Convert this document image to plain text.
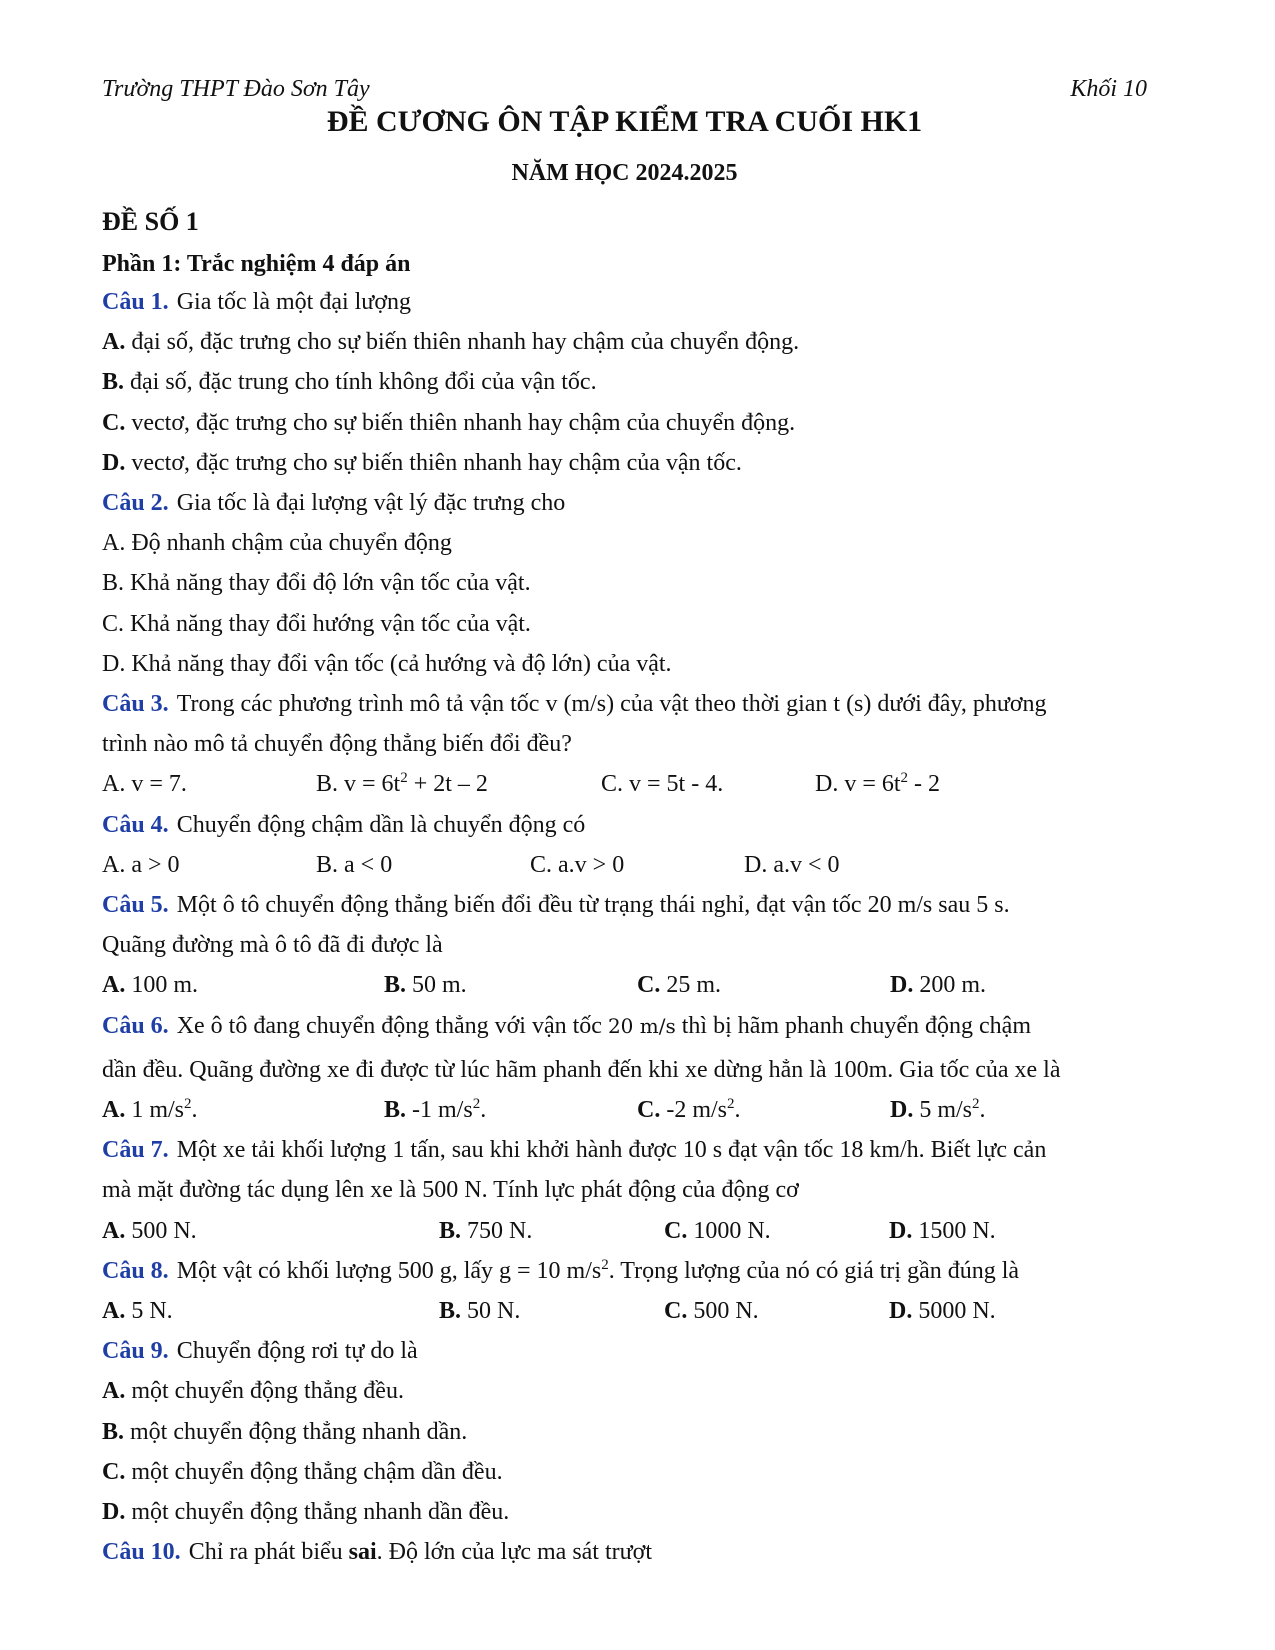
Trường THPT Đào Sơn Tây	Khối 10
ĐỀ CƯƠNG ÔN TẬP KIỂM TRA CUỐI HK1
NĂM HỌC 2024.2025
ĐỀ SỐ 1
Phần 1: Trắc nghiệm 4 đáp án
Câu 1. Gia tốc là một đại lượng
A. đại số, đặc trưng cho sự biến thiên nhanh hay chậm của chuyển động.
B. đại số, đặc trung cho tính không đổi của vận tốc.
C. vectơ, đặc trưng cho sự biến thiên nhanh hay chậm của chuyển động.
D. vectơ, đặc trưng cho sự biến thiên nhanh hay chậm của vận tốc.
Câu 2. Gia tốc là đại lượng vật lý đặc trưng cho
A. Độ nhanh chậm của chuyển động
B. Khả năng thay đổi độ lớn vận tốc của vật.
C. Khả năng thay đổi hướng vận tốc của vật.
D. Khả năng thay đổi vận tốc (cả hướng và độ lớn) của vật.
Câu 3. Trong các phương trình mô tả vận tốc v (m/s) của vật theo thời gian t (s) dưới đây, phương
trình nào mô tả chuyển động thẳng biến đổi đều?
A. v = 7.	B. $v = 6t^2 + 2t - 2$	C. v = 5t - 4.	D. $v = 6t^2 - 2$
Câu 4. Chuyển động chậm dần là chuyển động có
A. a > 0	B. a < 0	C. a.v > 0	D. a.v < 0
Câu 5. Một ô tô chuyển động thẳng biến đổi đều từ trạng thái nghỉ, đạt vận tốc 20 m/s sau 5 s.
Quãng đường mà ô tô đã đi được là
A. 100 m.	B. 50 m.	C. 25 m.	D. 200 m.
Câu 6. Xe ô tô đang chuyển động thẳng với vận tốc 20 m/s thì bị hãm phanh chuyển động chậm
dần đều. Quãng đường xe đi được từ lúc hãm phanh đến khi xe dừng hẳn là 100m. Gia tốc của xe là
A. 1 $m/s^2$.	B. -1 $m/s^2$.	C. -2 $m/s^2$.	D. 5 $m/s^2$.
Câu 7. Một xe tải khối lượng 1 tấn, sau khi khởi hành được 10 s đạt vận tốc 18 km/h. Biết lực cản
mà mặt đường tác dụng lên xe là 500 N. Tính lực phát động của động cơ
A. 500 N.	B. 750 N.	C. 1000 N.	D. 1500 N.
Câu 8. Một vật có khối lượng 500 g, lấy g = 10 $m/s^2$. Trọng lượng của nó có giá trị gần đúng là
A. 5 N.	B. 50 N.	C. 500 N.	D. 5000 N.
Câu 9. Chuyển động rơi tự do là
A. một chuyển động thẳng đều.
B. một chuyển động thẳng nhanh dần.
C. một chuyển động thẳng chậm dần đều.
D. một chuyển động thẳng nhanh dần đều.
Câu 10. Chỉ ra phát biểu sai. Độ lớn của lực ma sát trượt
